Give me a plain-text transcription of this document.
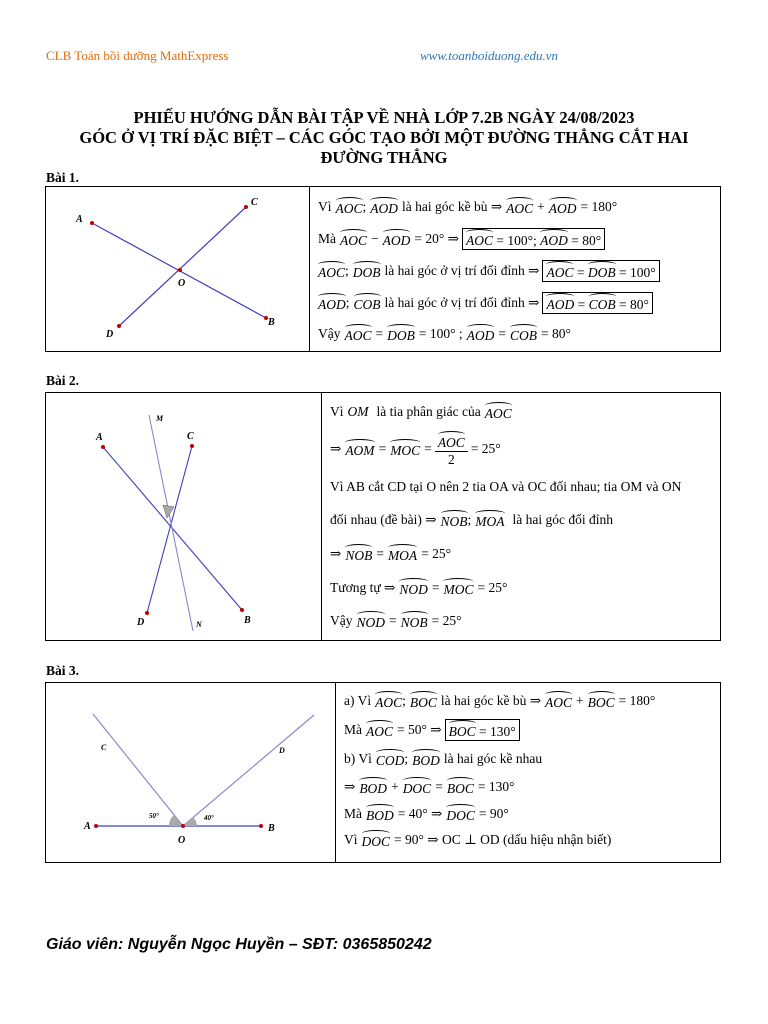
CLB Toán bồi dưỡng MathExpress	www.toanboiduong.edu.vn
PHIẾU HƯỚNG DẪN BÀI TẬP VỀ NHÀ LỚP 7.2B NGÀY 24/08/2023
GÓC Ở VỊ TRÍ ĐẶC BIỆT – CÁC GÓC TẠO BỞI MỘT ĐƯỜNG THẲNG CẮT HAI
ĐƯỜNG THẲNG
Bài 1.
A
B
C
D
O
Vì AOC ; AOD là hai góc kề bù ⇒ AOC + AOD = 180°
Mà AOC − AOD = 20° ⇒ AOC = 100°; AOD = 80°
AOC ; DOB là hai góc ở vị trí đối đỉnh ⇒ AOC = DOB = 100°
AOD ; COB là hai góc ở vị trí đối đỉnh ⇒ AOD = COB = 80°
Vậy AOC = DOB = 100° ; AOD = COB = 80°
Bài 2.
A
B
C
D
M
N
Vì OM là tia phân giác của AOC
⇒ AOM = MOC = $\frac{\text{AOC}}{2} = 25^\circ$
Vì AB cắt CD tại O nên 2 tia OA và OC đối nhau; tia OM và ON
đối nhau (đề bài) ⇒ NOB ; MOA là hai góc đối đỉnh
⇒ NOB = MOA = 25°
Tương tự ⇒ NOD = MOC = 25°
Vậy NOD = NOB = 25°
Bài 3.
A	B
C	D
O
50°	40°
a) Vì AOC ; BOC là hai góc kề bù ⇒ AOC + BOC = 180°
Mà AOC = 50° ⇒ BOC = 130°
b) Vì COD ; BOD là hai góc kề nhau
⇒ BOD + DOC = BOC = 130°
Mà BOD = 40° ⇒ DOC = 90°
Vì DOC = 90° ⇒ OC ⊥ OD (dấu hiệu nhận biết)
Giáo viên: Nguyễn Ngọc Huyền – SĐT: 0365850242
